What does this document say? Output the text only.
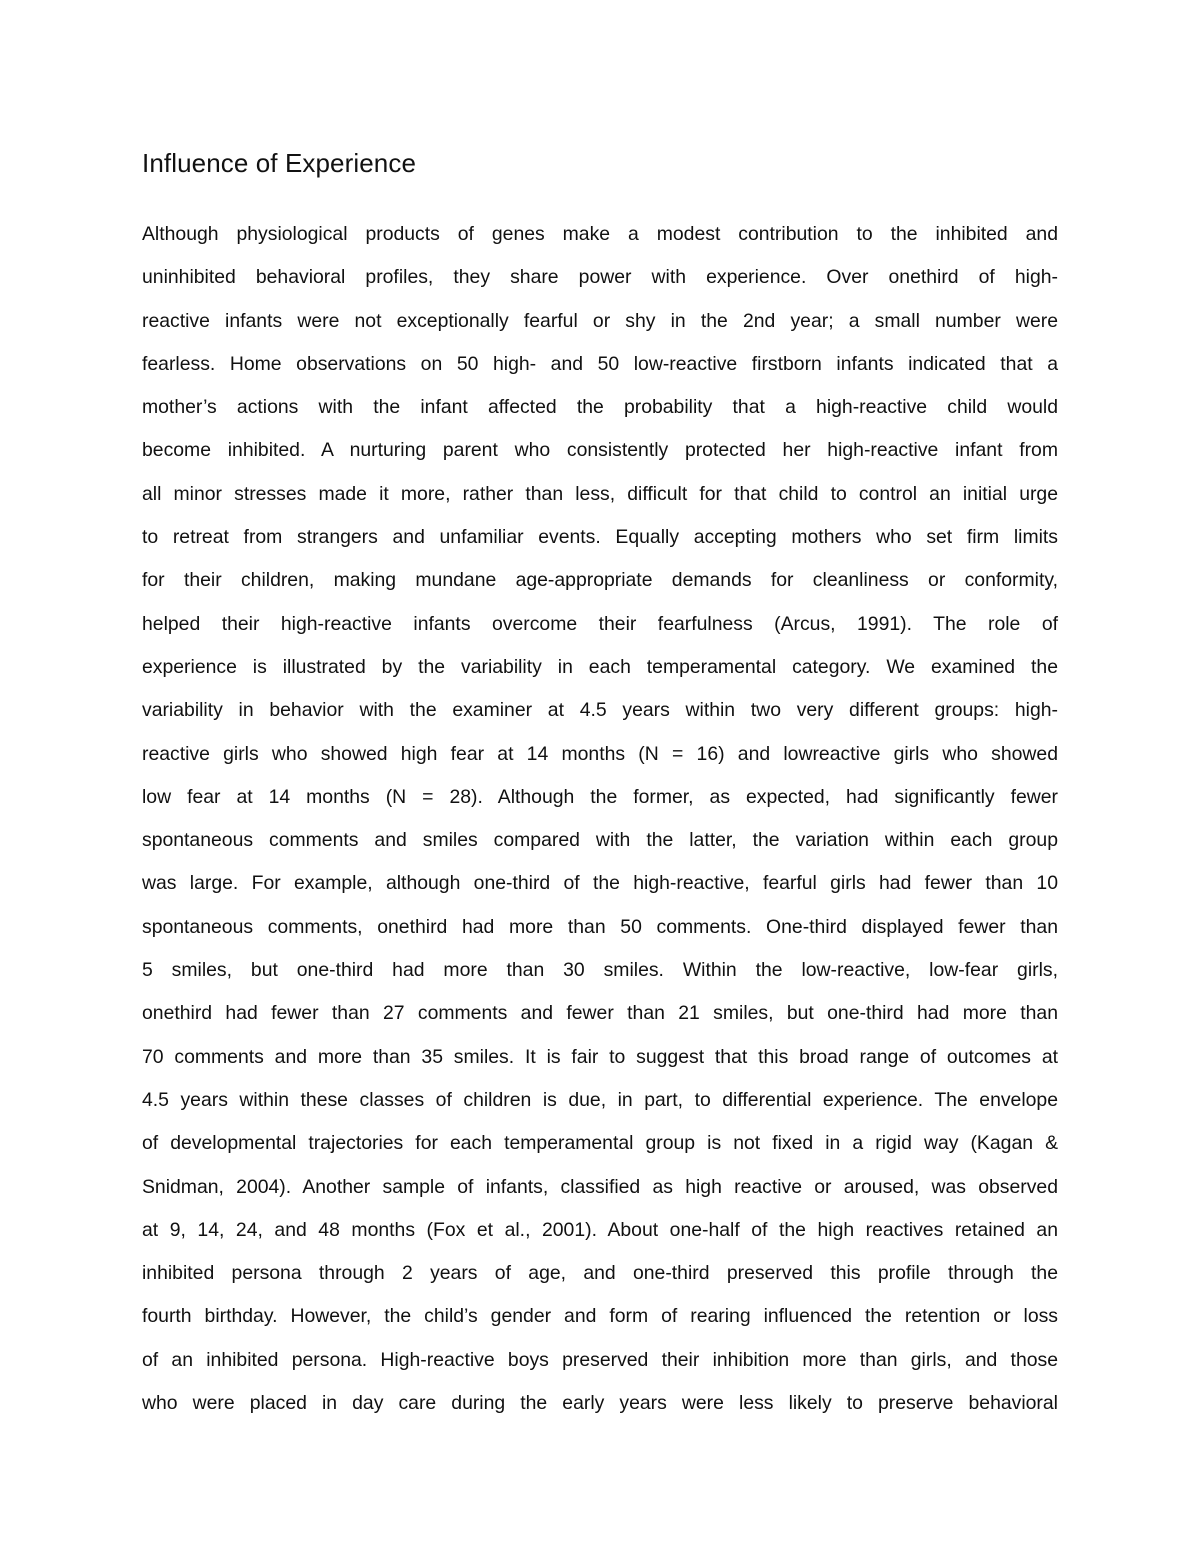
Influence of Experience
Although physiological products of genes make a modest contribution to the inhibited and
uninhibited behavioral profiles, they share power with experience. Over onethird of high-
reactive infants were not exceptionally fearful or shy in the 2nd year; a small number were
fearless. Home observations on 50 high- and 50 low-reactive firstborn infants indicated that a
mother’s actions with the infant affected the probability that a high-reactive child would
become inhibited. A nurturing parent who consistently protected her high-reactive infant from
all minor stresses made it more, rather than less, difficult for that child to control an initial urge
to retreat from strangers and unfamiliar events. Equally accepting mothers who set firm limits
for their children, making mundane age-appropriate demands for cleanliness or conformity,
helped their high-reactive infants overcome their fearfulness (Arcus, 1991). The role of
experience is illustrated by the variability in each temperamental category. We examined the
variability in behavior with the examiner at 4.5 years within two very different groups: high-
reactive girls who showed high fear at 14 months (N = 16) and lowreactive girls who showed
low fear at 14 months (N = 28). Although the former, as expected, had significantly fewer
spontaneous comments and smiles compared with the latter, the variation within each group
was large. For example, although one-third of the high-reactive, fearful girls had fewer than 10
spontaneous comments, onethird had more than 50 comments. One-third displayed fewer than
5 smiles, but one-third had more than 30 smiles. Within the low-reactive, low-fear girls,
onethird had fewer than 27 comments and fewer than 21 smiles, but one-third had more than
70 comments and more than 35 smiles. It is fair to suggest that this broad range of outcomes at
4.5 years within these classes of children is due, in part, to differential experience. The envelope
of developmental trajectories for each temperamental group is not fixed in a rigid way (Kagan &
Snidman, 2004). Another sample of infants, classified as high reactive or aroused, was observed
at 9, 14, 24, and 48 months (Fox et al., 2001). About one-half of the high reactives retained an
inhibited persona through 2 years of age, and one-third preserved this profile through the
fourth birthday. However, the child’s gender and form of rearing influenced the retention or loss
of an inhibited persona. High-reactive boys preserved their inhibition more than girls, and those
who were placed in day care during the early years were less likely to preserve behavioral
